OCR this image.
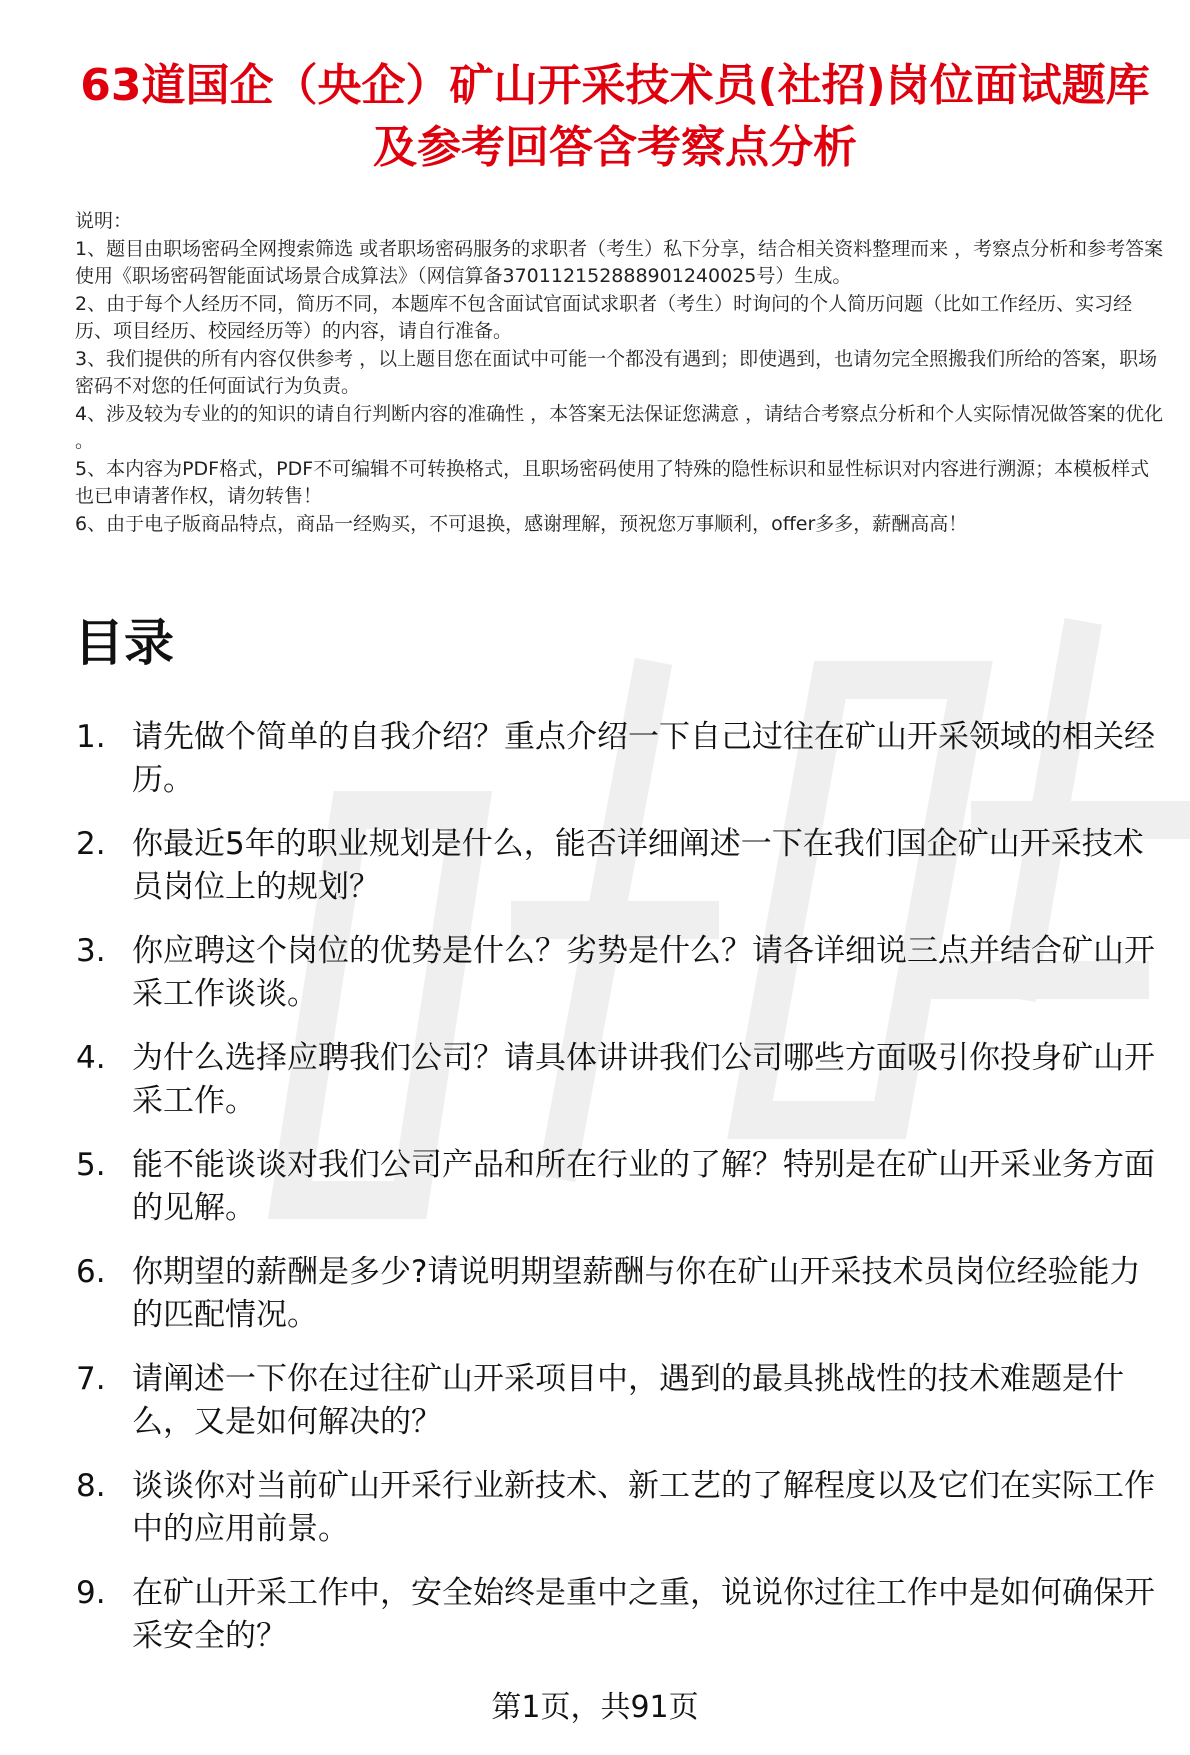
63道国企（央企）矿山开采技术员(社招)岗位面试题库及参考回答含考察点分析

说明：

1、题目由职场密码全网搜索筛选 或者职场密码服务的求职者（考生）私下分享，结合相关资料整理而来 ，考察点分析和参考答案使用《职场密码智能面试场景合成算法》（网信算备370112152888901240025号）生成。

2、由于每个人经历不同，简历不同，本题库不包含面试官面试求职者（考生）时询问的个人简历问题（比如工作经历、实习经历、项目经历、校园经历等）的内容，请自行准备。

3、我们提供的所有内容仅供参考 ，以上题目您在面试中可能一个都没有遇到；即使遇到，也请勿完全照搬我们所给的答案，职场密码不对您的任何面试行为负责。

4、涉及较为专业的的知识的请自行判断内容的准确性 ，本答案无法保证您满意 ，请结合考察点分析和个人实际情况做答案的优化 。

5、本内容为PDF格式，PDF不可编辑不可转换格式，且职场密码使用了特殊的隐性标识和显性标识对内容进行溯源；本模板样式也已申请著作权，请勿转售！

6、由于电子版商品特点，商品一经购买，不可退换，感谢理解，预祝您万事顺利，offer多多，薪酬高高！

目录
1. 请先做个简单的自我介绍？重点介绍一下自己过往在矿山开采领域的相关经历。
2. 你最近5年的职业规划是什么，能否详细阐述一下在我们国企矿山开采技术员岗位上的规划？
3. 你应聘这个岗位的优势是什么？劣势是什么？请各详细说三点并结合矿山开采工作谈谈。
4. 为什么选择应聘我们公司？请具体讲讲我们公司哪些方面吸引你投身矿山开采工作。
5. 能不能谈谈对我们公司产品和所在行业的了解？特别是在矿山开采业务方面的见解。
6. 你期望的薪酬是多少?请说明期望薪酬与你在矿山开采技术员岗位经验能力的匹配情况。
7. 请阐述一下你在过往矿山开采项目中，遇到的最具挑战性的技术难题是什么，又是如何解决的？
8. 谈谈你对当前矿山开采行业新技术、新工艺的了解程度以及它们在实际工作中的应用前景。
9. 在矿山开采工作中，安全始终是重中之重，说说你过往工作中是如何确保开采安全的？
第1页，共91页
